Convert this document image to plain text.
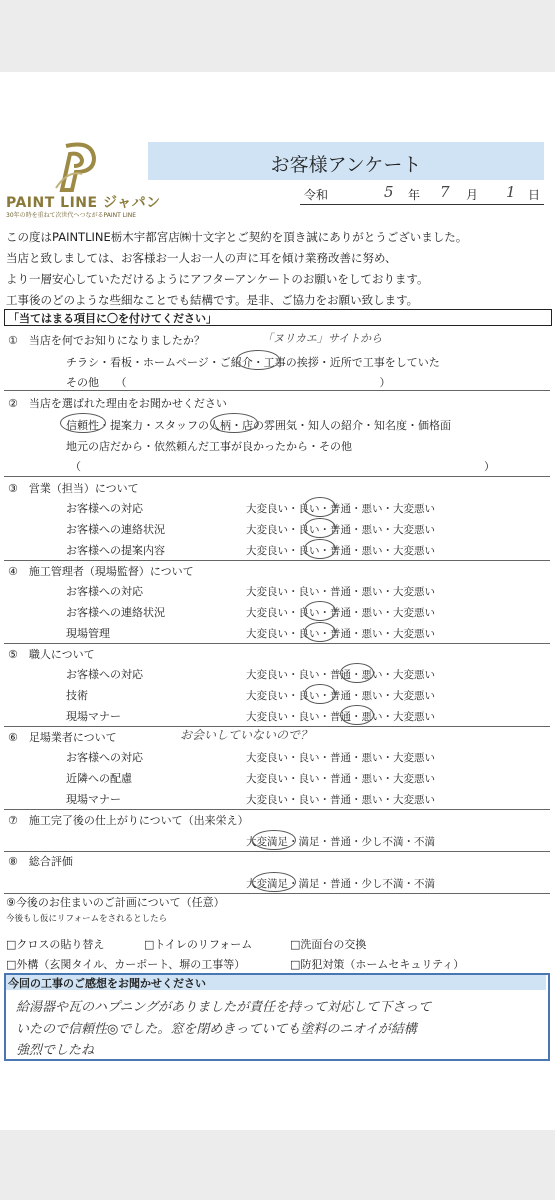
PAINT LINE ジャパン
30年の時を重ねて次世代へつながるPAINT LINE
お客様アンケート
令和	5 年 7 月 1 日
この度はPAINTLINE栃木宇都宮店㈱十文字とご契約を頂き誠にありがとうございました。
当店と致しましては、お客様お一人お一人の声に耳を傾け業務改善に努め、
より一層安心していただけるようにアフターアンケートのお願いをしております。
工事後のどのような些細なことでも結構です。是非、ご協力をお願い致します。
「当てはまる項目に〇を付けてください」
①　当店を何でお知りになりましたか？	「ヌリカエ」サイトから
チラシ・看板・ホームページ・ご紹介・工事の挨拶・近所で工事をしていた
その他　　（　　　　　　　　　　　　　　　　　　　　　　　）
②　当店を選ばれた理由をお聞かせください
信頼性・提案力・スタッフの人柄・店の雰囲気・知人の紹介・知名度・価格面
地元の店だから・依然頼んだ工事が良かったから・その他
（	）
③　営業（担当）について
お客様への対応	大変良い・良い・普通・悪い・大変悪い
お客様への連絡状況	大変良い・良い・普通・悪い・大変悪い
お客様への提案内容	大変良い・良い・普通・悪い・大変悪い
④　施工管理者（現場監督）について
お客様への対応	大変良い・良い・普通・悪い・大変悪い
お客様への連絡状況	大変良い・良い・普通・悪い・大変悪い
現場管理	大変良い・良い・普通・悪い・大変悪い
⑤　職人について
お客様への対応	大変良い・良い・普通・悪い・大変悪い
技術	大変良い・良い・普通・悪い・大変悪い
現場マナー	大変良い・良い・普通・悪い・大変悪い
⑥　足場業者について	お会いしていないので？
お客様への対応	大変良い・良い・普通・悪い・大変悪い
近隣への配慮	大変良い・良い・普通・悪い・大変悪い
現場マナー	大変良い・良い・普通・悪い・大変悪い
⑦　施工完了後の仕上がりについて（出来栄え）
大変満足・満足・普通・少し不満・不満
⑧　総合評価
大変満足・満足・普通・少し不満・不満
⑨今後のお住まいのご計画について（任意）
今後もし仮にリフォームをされるとしたら
□クロスの貼り替え	□トイレのリフォーム	□洗面台の交換
□外構（玄関タイル、カーポート、塀の工事等）	□防犯対策（ホームセキュリティ）
今回の工事のご感想をお聞かせください
給湯器や瓦のハプニングがありましたが責任を持って対応して下さって
いたので信頼性◎でした。窓を閉めきっていても塗料のニオイが結構
強烈でしたね
